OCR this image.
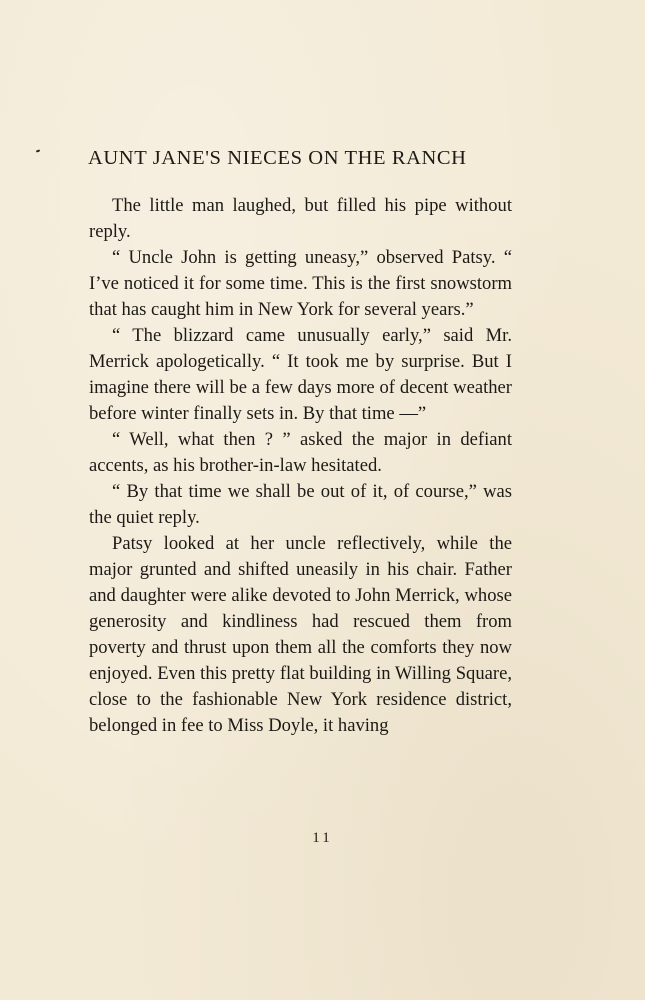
AUNT JANE'S NIECES ON THE RANCH

The little man laughed, but filled his pipe without reply.

“ Uncle John is getting uneasy,” observed Patsy. “ I’ve noticed it for some time. This is the first snowstorm that has caught him in New York for several years.”

“ The blizzard came unusually early,” said Mr. Merrick apologetically. “ It took me by surprise. But I imagine there will be a few days more of decent weather before winter finally sets in. By that time —”

“ Well, what then ? ” asked the major in defiant accents, as his brother-in-law hesitated.

“ By that time we shall be out of it, of course,” was the quiet reply.

Patsy looked at her uncle reflectively, while the major grunted and shifted uneasily in his chair. Father and daughter were alike devoted to John Merrick, whose generosity and kindliness had rescued them from poverty and thrust upon them all the comforts they now enjoyed. Even this pretty flat building in Willing Square, close to the fashionable New York residence district, belonged in fee to Miss Doyle, it having

11
